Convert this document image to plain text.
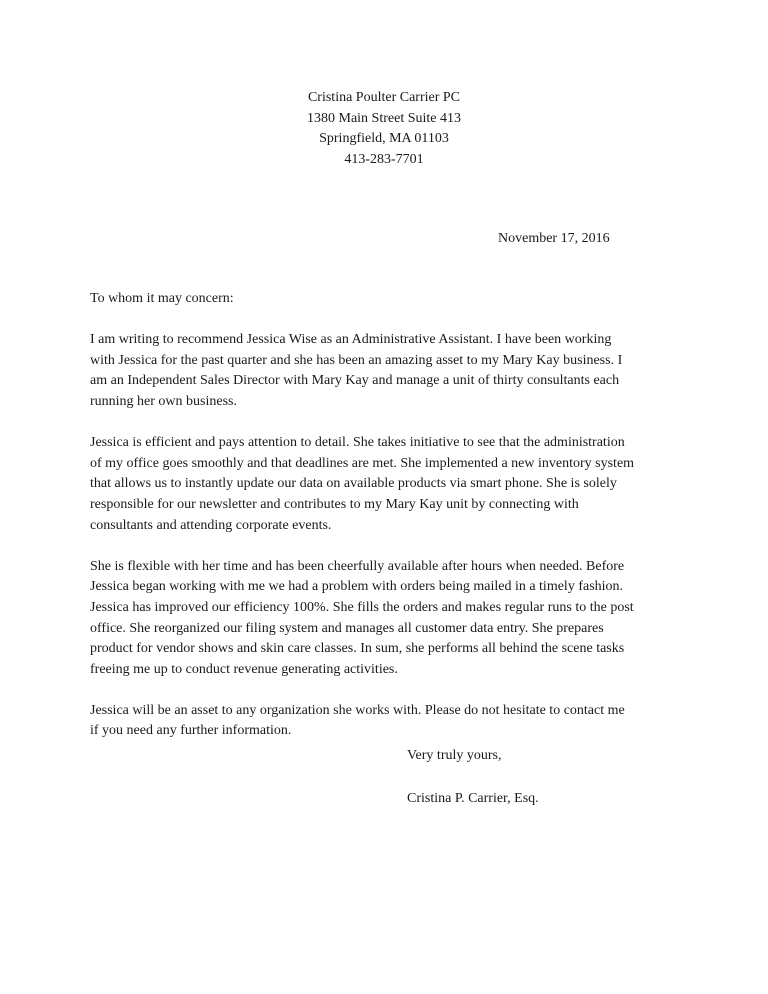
Cristina Poulter Carrier PC
1380 Main Street Suite 413
Springfield, MA 01103
413-283-7701
November 17, 2016

To whom it may concern:

I am writing to recommend Jessica Wise as an Administrative Assistant. I have been working
with Jessica for the past quarter and she has been an amazing asset to my Mary Kay business. I
am an Independent Sales Director with Mary Kay and manage a unit of thirty consultants each
running her own business.

Jessica is efficient and pays attention to detail. She takes initiative to see that the administration
of my office goes smoothly and that deadlines are met. She implemented a new inventory system
that allows us to instantly update our data on available products via smart phone. She is solely
responsible for our newsletter and contributes to my Mary Kay unit by connecting with
consultants and attending corporate events.

She is flexible with her time and has been cheerfully available after hours when needed. Before
Jessica began working with me we had a problem with orders being mailed in a timely fashion.
Jessica has improved our efficiency 100%. She fills the orders and makes regular runs to the post
office. She reorganized our filing system and manages all customer data entry. She prepares
product for vendor shows and skin care classes. In sum, she performs all behind the scene tasks
freeing me up to conduct revenue generating activities.

Jessica will be an asset to any organization she works with. Please do not hesitate to contact me
if you need any further information.

Very truly yours,
Cristina P. Carrier, Esq.
